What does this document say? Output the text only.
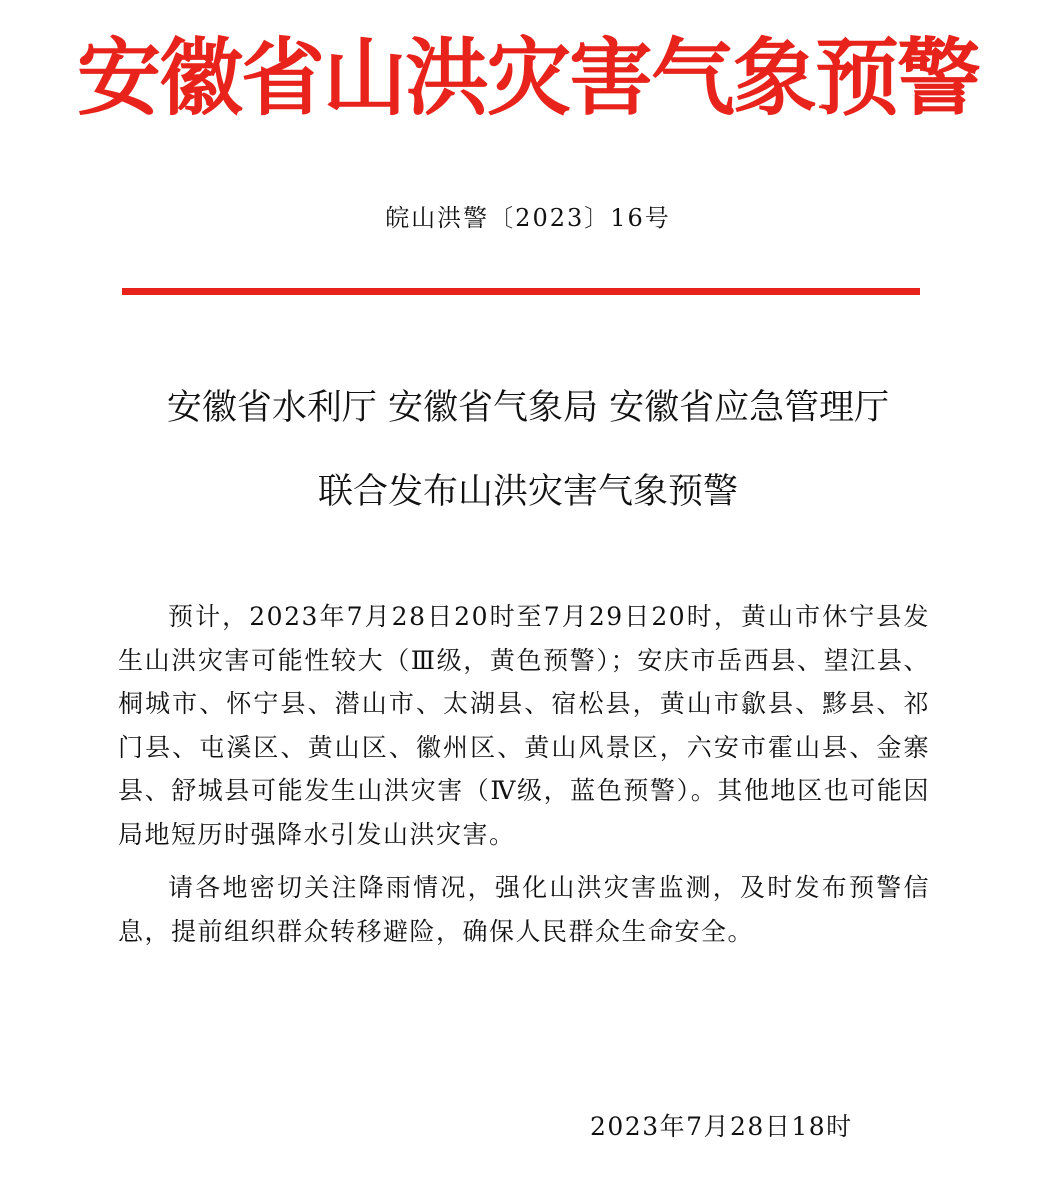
安徽省山洪灾害气象预警
皖山洪警〔2023〕16号
安徽省水利厅 安徽省气象局 安徽省应急管理厅
联合发布山洪灾害气象预警

预计，2023年7月28日20时至7月29日20时，黄山市休宁县发生山洪灾害可能性较大（Ⅲ级，黄色预警）；安庆市岳西县、望江县、桐城市、怀宁县、潜山市、太湖县、宿松县，黄山市歙县、黟县、祁门县、屯溪区、黄山区、徽州区、黄山风景区，六安市霍山县、金寨县、舒城县可能发生山洪灾害（Ⅳ级，蓝色预警）。其他地区也可能因局地短历时强降水引发山洪灾害。

请各地密切关注降雨情况，强化山洪灾害监测，及时发布预警信息，提前组织群众转移避险，确保人民群众生命安全。

2023年7月28日18时
